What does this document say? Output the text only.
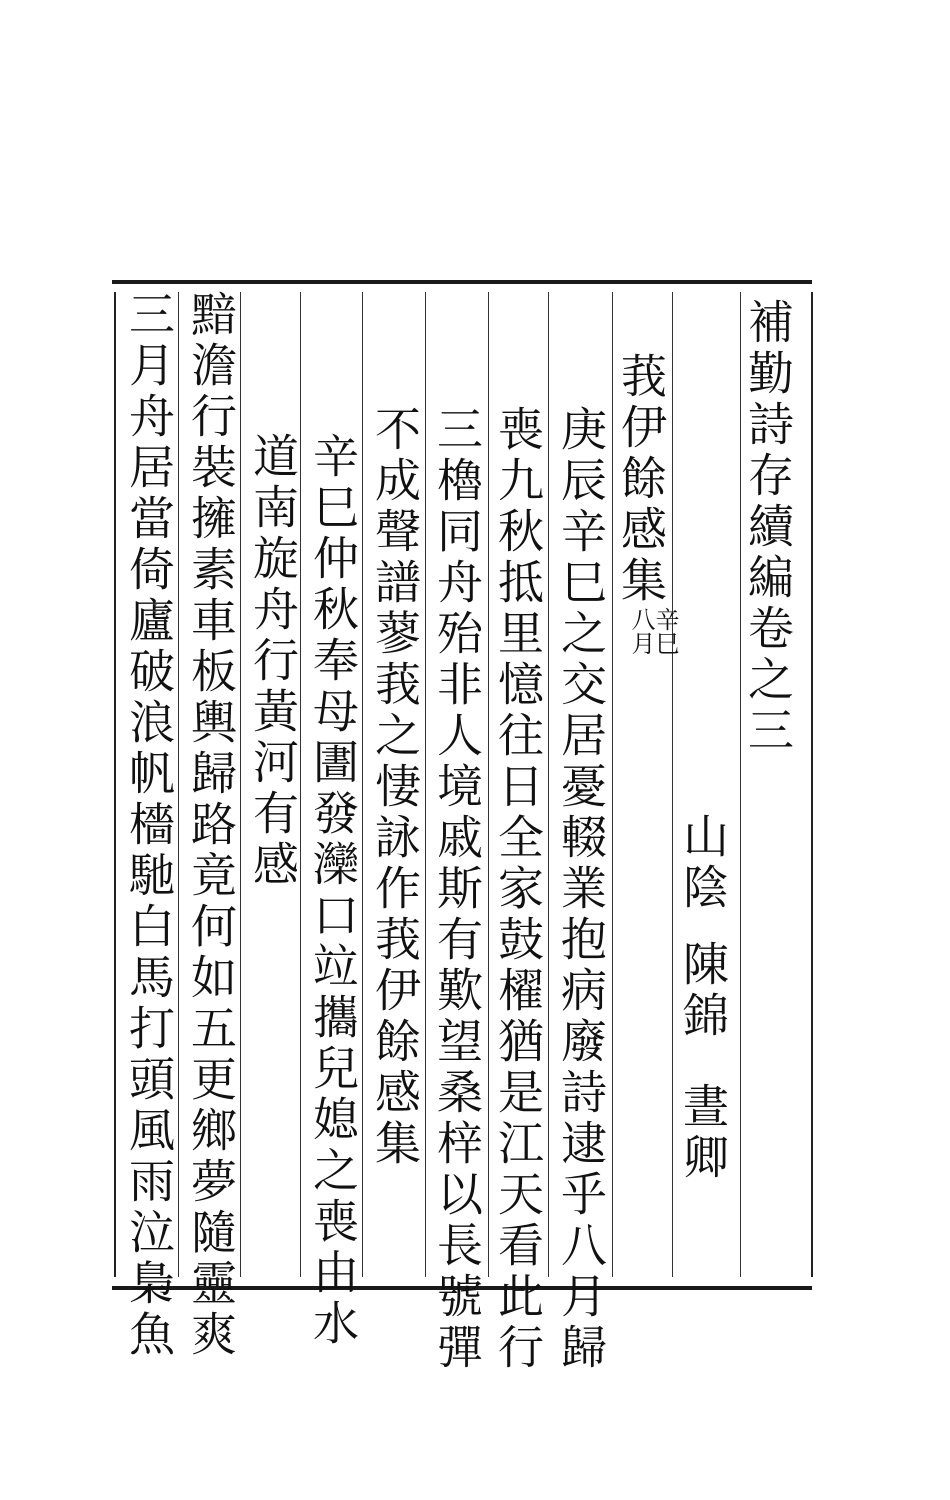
補勤詩存續編卷之三
山陰陳錦晝卿
莪伊餘感集辛巳
八月
庚辰辛巳之交居憂輟業抱病廢詩逮乎八月歸
喪九秋抵里憶往日全家鼓櫂猶是江天看此行
三櫓同舟殆非人境戚斯有歎望桑梓以長號彈
不成聲譜蓼莪之悽詠作莪伊餘感集
辛巳仲秋奉母圕發灤口竝攜兒媳之喪由水
道南旋舟行黃河有感
黯澹行裝擁素車板輿歸路竟何如五更鄉夢隨靈爽
三月舟居當倚廬破浪帆檣馳白馬打頭風雨泣梟魚
